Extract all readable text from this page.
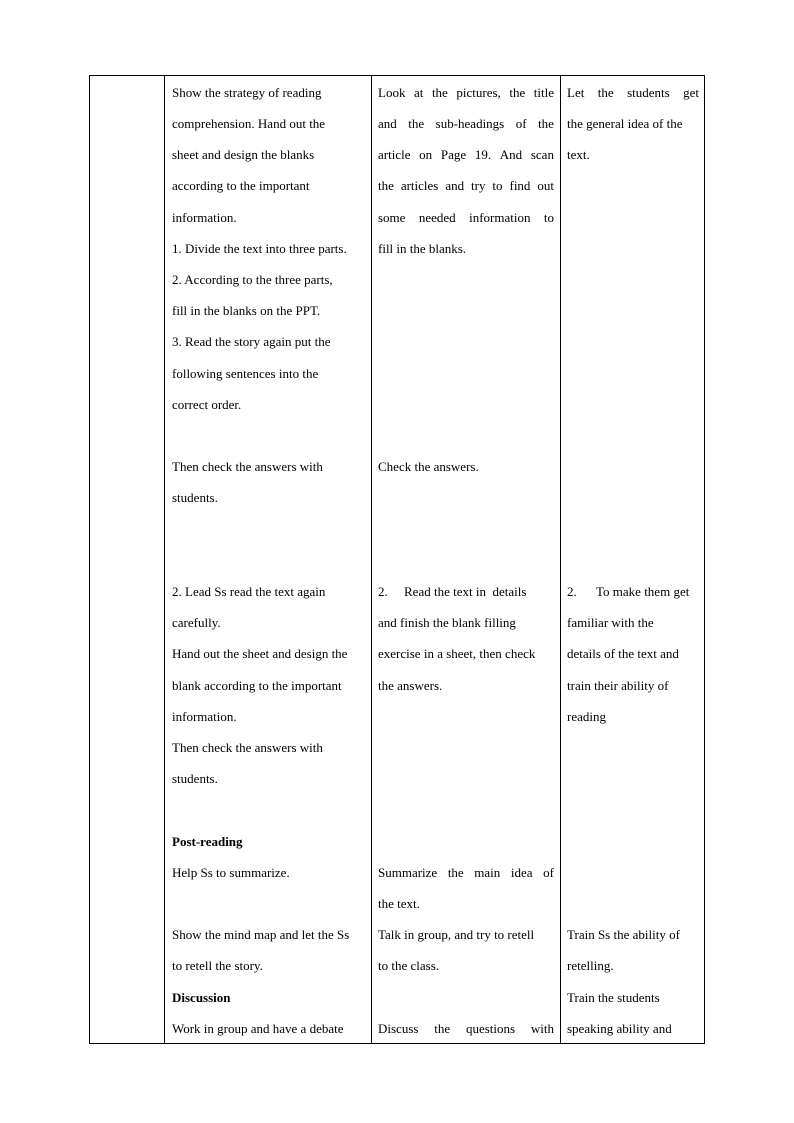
Show the strategy of reading
comprehension. Hand out the
sheet and design the blanks
according to the important
information.
1. Divide the text into three parts.
2. According to the three parts,
fill in the blanks on the PPT.
3. Read the story again put the
following sentences into the
correct order.
Then check the answers with
students.
2. Lead Ss read the text again
carefully.
Hand out the sheet and design the
blank according to the important
information.
Then check the answers with
students.
Post-reading
Help Ss to summarize.
Show the mind map and let the Ss
to retell the story.
Discussion
Work in group and have a debate
Look at the pictures, the title
and the sub-headings of the
article on Page 19. And scan
the articles and try to find out
some needed information to
fill in the blanks.
Check the answers.
2.     Read the text in  details
and finish the blank filling
exercise in a sheet, then check
the answers.
Summarize the main idea of
the text.
Talk in group, and try to retell
to the class.
Discuss the questions with
Let the students get
the general idea of the
text.
2.      To make them get
familiar with the
details of the text and
train their ability of
reading
Train Ss the ability of
retelling.
Train the students
speaking ability and
